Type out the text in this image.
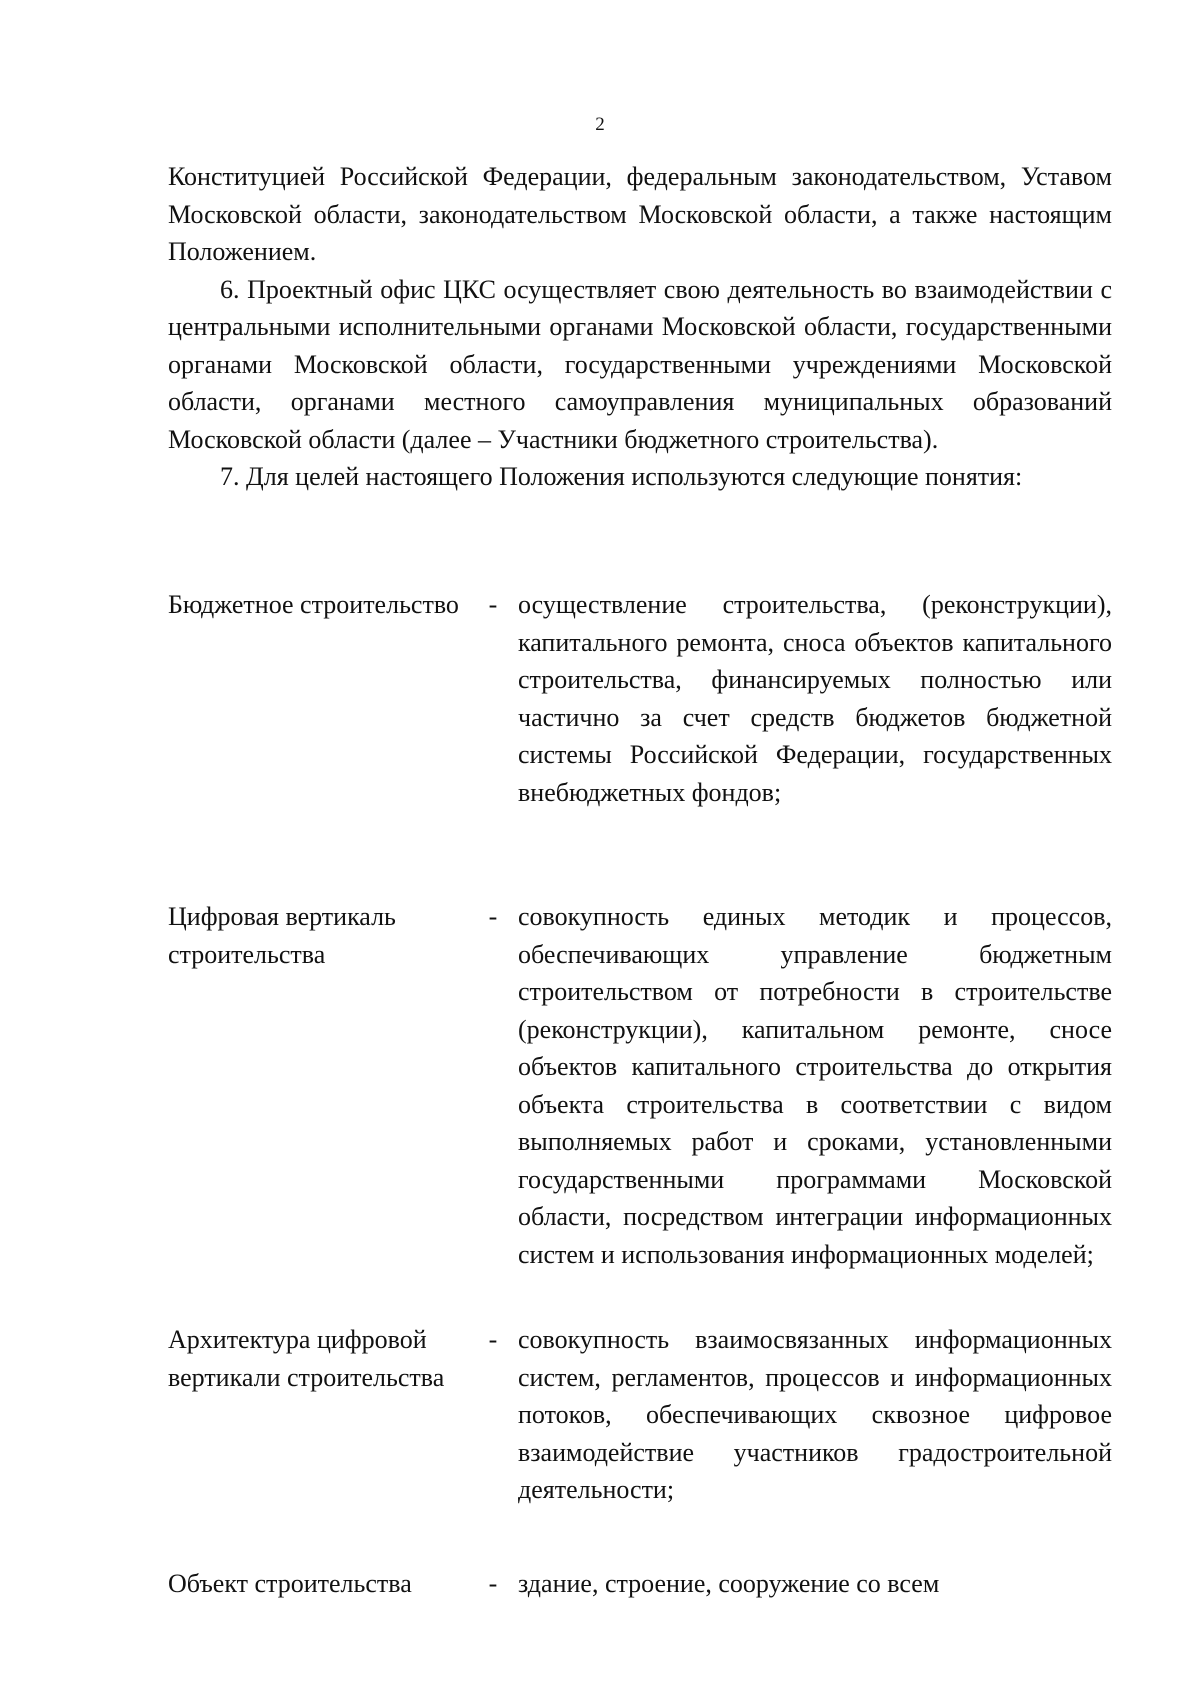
2

Конституцией Российской Федерации, федеральным законодательством, Уставом Московской области, законодательством Московской области, а также настоящим Положением.

6. Проектный офис ЦКС осуществляет свою деятельность во взаимодействии с центральными исполнительными органами Московской области, государственными органами Московской области, государственными учреждениями Московской области, органами местного самоуправления муниципальных образований Московской области (далее – Участники бюджетного строительства).

7. Для целей настоящего Положения используются следующие понятия:

Бюджетное строительство	- осуществление строительства, (реконструкции), капитального ремонта, сноса объектов капитального строительства, финансируемых полностью или частично за счет средств бюджетов бюджетной системы Российской Федерации, государственных внебюджетных фондов;
Цифровая вертикаль строительства
- совокупность единых методик и процессов, обеспечивающих управление бюджетным строительством от потребности в строительстве (реконструкции), капитальном ремонте, сносе объектов капитального строительства до открытия объекта строительства в соответствии с видом выполняемых работ и сроками, установленными государственными программами Московской области, посредством интеграции информационных систем и использования информационных моделей;
Архитектура цифровой вертикали строительства
- совокупность взаимосвязанных информационных систем, регламентов, процессов и информационных потоков, обеспечивающих сквозное цифровое взаимодействие участников градостроительной деятельности;
Объект строительства	- здание, строение, сооружение со всем
